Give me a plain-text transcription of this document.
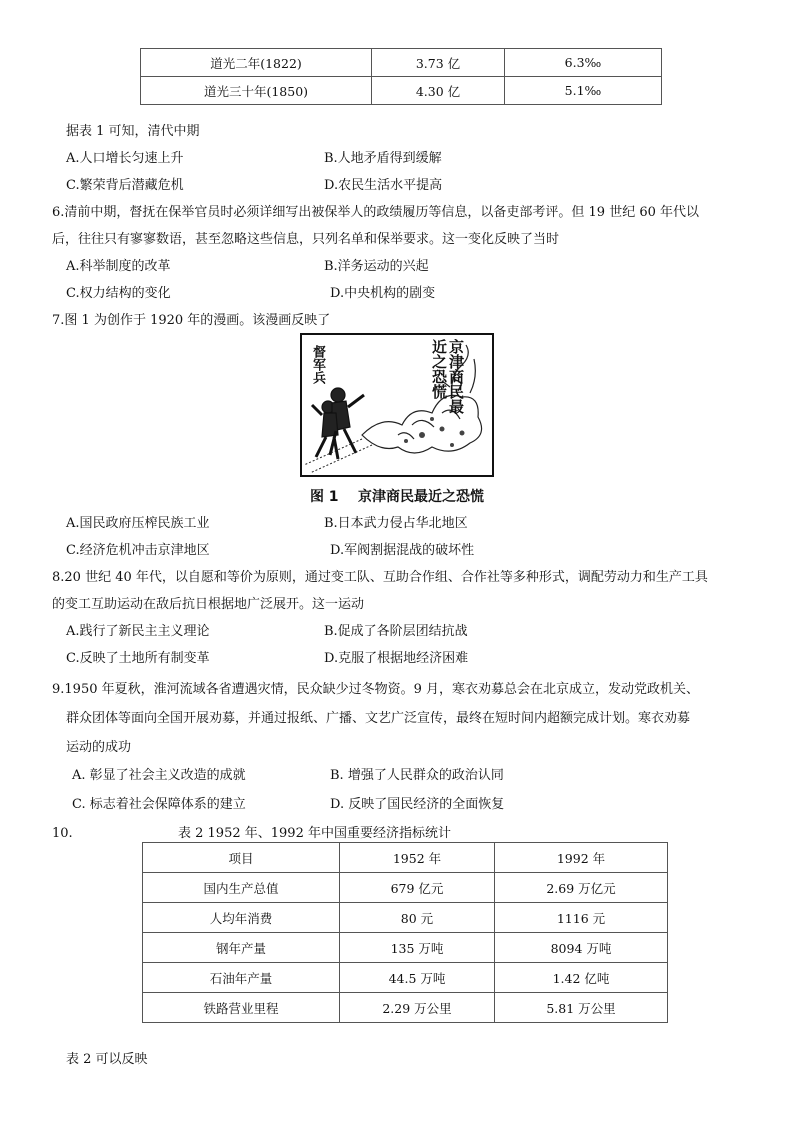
道光二年(1822)	3.73 亿	6.3‰
道光三十年(1850)	4.30 亿	5.1‰
据表 1 可知，清代中期
A.人口增长匀速上升	B.人地矛盾得到缓解
C.繁荣背后潜藏危机	D.农民生活水平提高
6.清前中期，督抚在保举官员时必须详细写出被保举人的政绩履历等信息，以备吏部考评。但 19 世纪 60 年代以
后，往往只有寥寥数语，甚至忽略这些信息，只列名单和保举要求。这一变化反映了当时
A.科举制度的改革	B.洋务运动的兴起
C.权力结构的变化	D.中央机构的剧变
7.图 1 为创作于 1920 年的漫画。该漫画反映了
京津商民最近之恐慌
督军兵
图 1    京津商民最近之恐慌
A.国民政府压榨民族工业	B.日本武力侵占华北地区
C.经济危机冲击京津地区	D.军阀割据混战的破坏性
8.20 世纪 40 年代，以自愿和等价为原则，通过变工队、互助合作组、合作社等多种形式，调配劳动力和生产工具
的变工互助运动在敌后抗日根据地广泛展开。这一运动
A.践行了新民主主义理论	B.促成了各阶层团结抗战
C.反映了土地所有制变革	D.克服了根据地经济困难
9.1950 年夏秋，淮河流域各省遭遇灾情，民众缺少过冬物资。9 月，寒衣劝募总会在北京成立，发动党政机关、
群众团体等面向全国开展劝募，并通过报纸、广播、文艺广泛宣传，最终在短时间内超额完成计划。寒衣劝募
运动的成功
A. 彰显了社会主义改造的成就	B. 增强了人民群众的政治认同
C. 标志着社会保障体系的建立	D. 反映了国民经济的全面恢复
10.	表 2 1952 年、1992 年中国重要经济指标统计
项目	1952 年	1992 年
国内生产总值	679 亿元	2.69 万亿元
人均年消费	80 元	1116 元
钢年产量	135 万吨	8094 万吨
石油年产量	44.5 万吨	1.42 亿吨
铁路营业里程	2.29 万公里	5.81 万公里
表 2 可以反映
